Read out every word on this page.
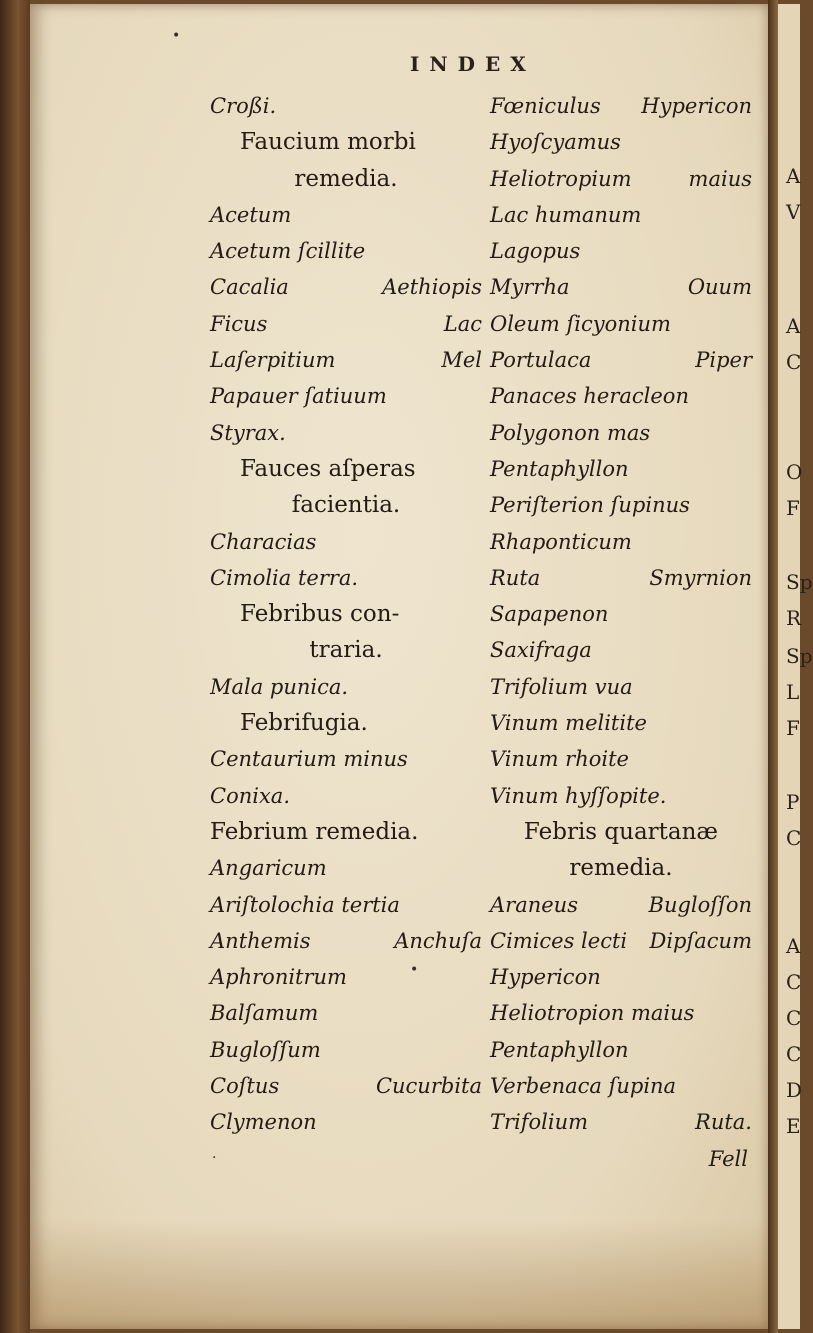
A
V
A
C
O
F
Sp
R
Sp
L
F
P
C
A
C
C
C
D
E
INDEX
•
•
·
Croßi.
Faucium morbi
remedia.
Acetum
Acetum ſcillite
Cacalia	Aethiopis
Ficus	Lac
Laſerpitium	Mel
Papauer ſatiuum
Styrax.
Fauces aſperas
facientia.
Characias
Cimolia terra.
Febribus con-
traria.
Mala punica.
Febrifugia.
Centaurium minus
Conixa.
Febrium remedia.
Angaricum
Ariſtolochia tertia
Anthemis	Anchuſa
Aphronitrum
Balſamum
Bugloſſum
Coſtus	Cucurbita
Clymenon
Fœniculus Hypericon
Hyoſcyamus
Heliotropium	maius
Lac humanum
Lagopus
Myrrha	Ouum
Oleum ſicyonium
Portulaca	Piper
Panaces heracleon
Polygonon mas
Pentaphyllon
Periſterion ſupinus
Rhaponticum
Ruta	Smyrnion
Sapapenon
Saxifraga
Trifolium vua
Vinum melitite
Vinum rhoite
Vinum hyſſopite.
Febris quartanæ
remedia.
Araneus	Bugloſſon
Cimices lecti Dipſacum
Hypericon
Heliotropion maius
Pentaphyllon
Verbenaca ſupina
Trifolium	Ruta.
Fell
